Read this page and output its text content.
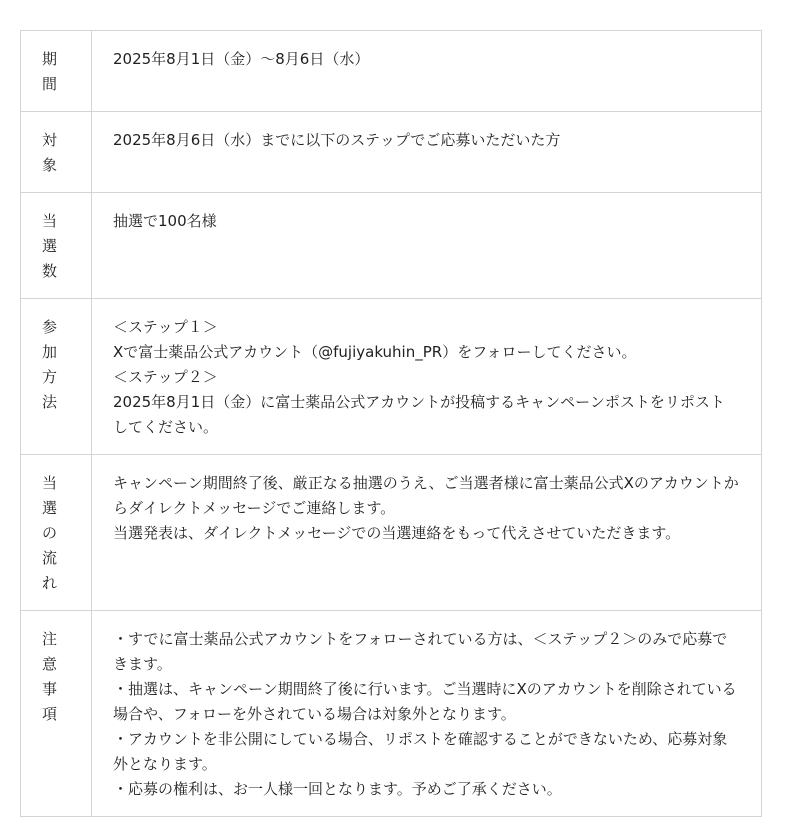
期間	2025年8月1日（金）〜8月6日（水）

対象	2025年8月6日（水）までに以下のステップでご応募いただいた方

当選数	抽選で100名様

参加方法	＜ステップ１＞
Xで富士薬品公式アカウント（@fujiyakuhin_PR）をフォローしてください。
＜ステップ２＞
2025年8月1日（金）に富士薬品公式アカウントが投稿するキャンペーンポストをリポストしてください。

当選の流れ	キャンペーン期間終了後、厳正なる抽選のうえ、ご当選者様に富士薬品公式Xのアカウントからダイレクトメッセージでご連絡します。
当選発表は、ダイレクトメッセージでの当選連絡をもって代えさせていただきます。

注意事項	・すでに富士薬品公式アカウントをフォローされている方は、＜ステップ２＞のみで応募できます。
・抽選は、キャンペーン期間終了後に行います。ご当選時にXのアカウントを削除されている場合や、フォローを外されている場合は対象外となります。
・アカウントを非公開にしている場合、リポストを確認することができないため、応募対象外となります。
・応募の権利は、お一人様一回となります。予めご了承ください。
